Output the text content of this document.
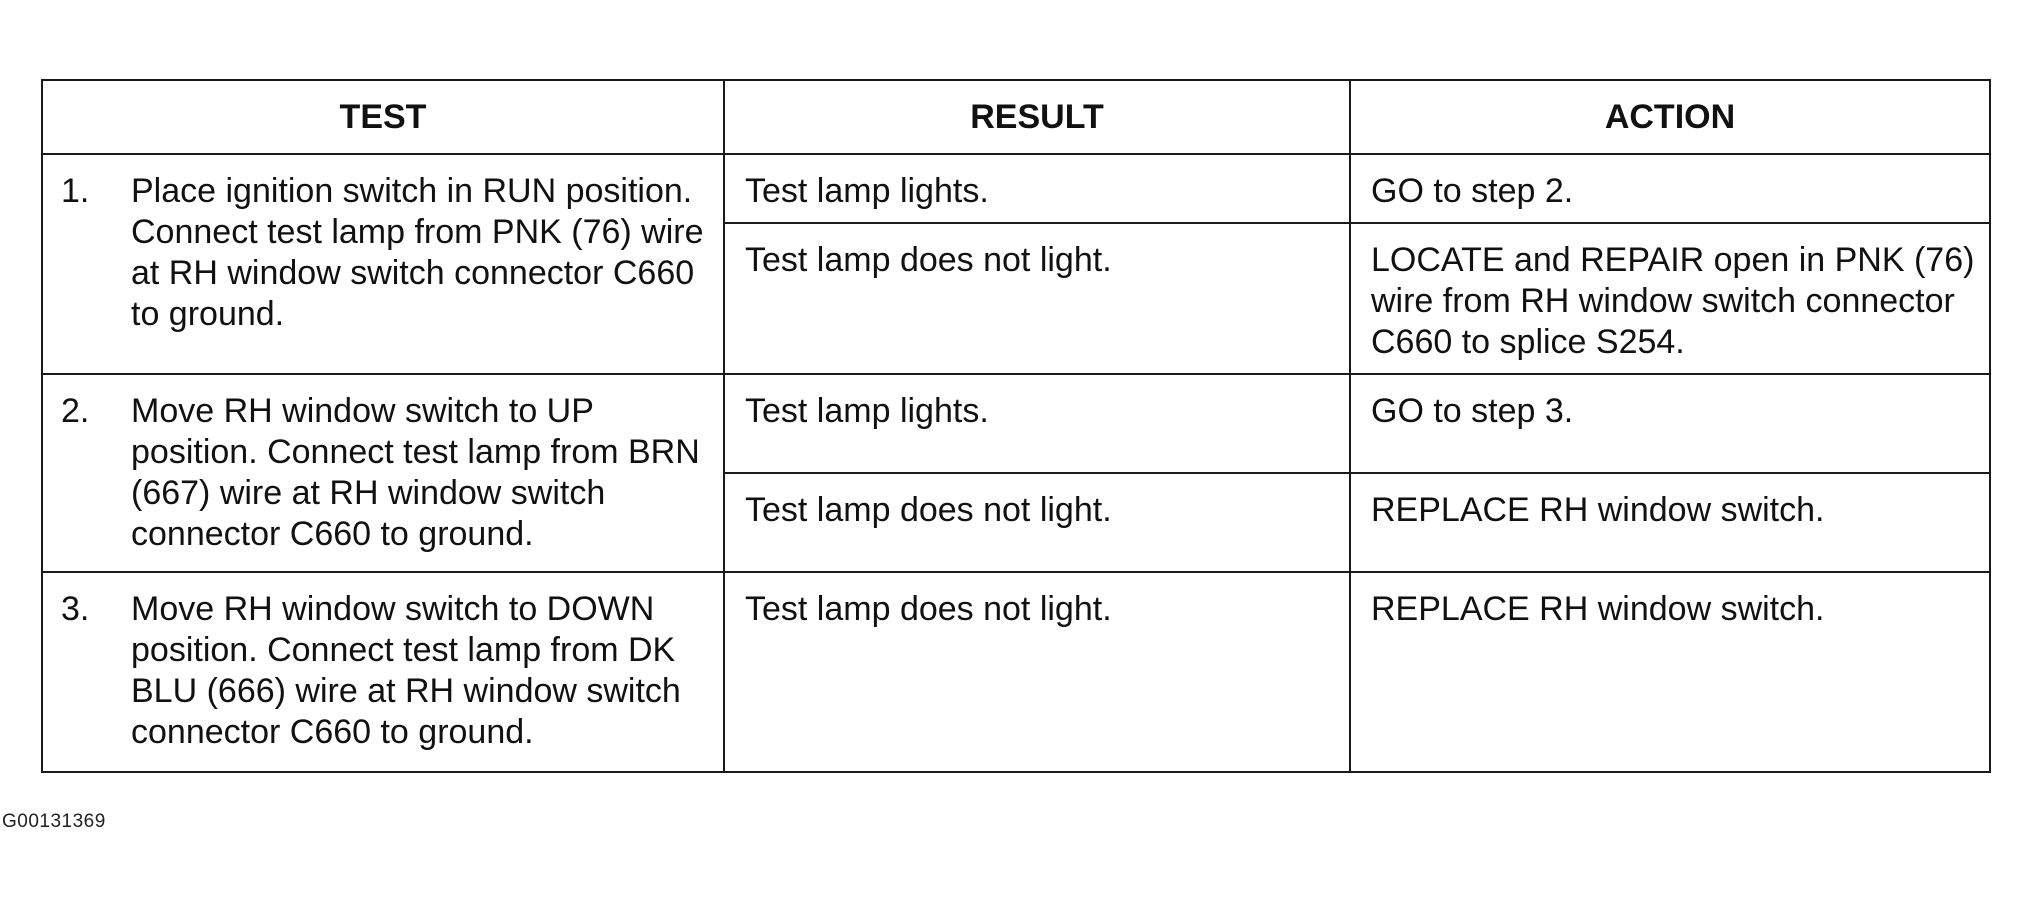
TEST	RESULT	ACTION

1. Place ignition switch in RUN position. Connect test lamp from PNK (76) wire at RH window switch connector C660 to ground.	Test lamp lights.	GO to step 2.
	Test lamp does not light.	LOCATE and REPAIR open in PNK (76) wire from RH window switch connector C660 to splice S254.

2. Move RH window switch to UP position. Connect test lamp from BRN (667) wire at RH window switch connector C660 to ground.	Test lamp lights.	GO to step 3.
	Test lamp does not light.	REPLACE RH window switch.

3. Move RH window switch to DOWN position. Connect test lamp from DK BLU (666) wire at RH window switch connector C660 to ground.	Test lamp does not light.	REPLACE RH window switch.
G00131369
